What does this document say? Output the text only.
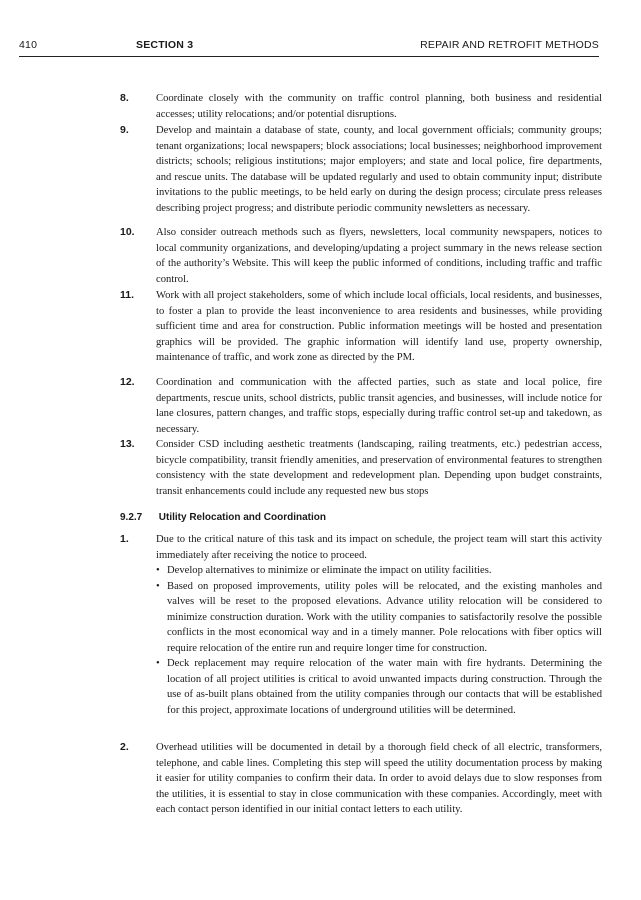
410	SECTION 3	REPAIR AND RETROFIT METHODS
8.	Coordinate closely with the community on traffic control planning, both business and residential accesses; utility relocations; and/or potential disruptions.
9.	Develop and maintain a database of state, county, and local government officials; community groups; tenant organizations; local newspapers; block associations; local businesses; neighborhood improvement districts; schools; religious institutions; major employers; and state and local police, fire departments, and rescue units. The database will be updated regularly and used to obtain community input; distribute invitations to the public meetings, to be held early on during the design process; circulate press releases describing project progress; and distribute periodic community newsletters as necessary.
10. Also consider outreach methods such as flyers, newsletters, local community newspapers, notices to local community organizations, and developing/updating a project summary in the news release section of the authority’s Website. This will keep the public informed of conditions, including traffic and traffic control.
11. Work with all project stakeholders, some of which include local officials, local residents, and businesses, to foster a plan to provide the least inconvenience to area residents and businesses, while providing sufficient time and area for construction. Public information meetings will be hosted and presentation graphics will be provided. The graphic information will identify land use, property ownership, maintenance of traffic, and work zone as directed by the PM.
12. Coordination and communication with the affected parties, such as state and local police, fire departments, rescue units, school districts, public transit agencies, and businesses, will include notice for lane closures, pattern changes, and traffic stops, especially during traffic control set-up and takedown, as necessary.
13. Consider CSD including aesthetic treatments (landscaping, railing treatments, etc.) pedestrian access, bicycle compatibility, transit friendly amenities, and preservation of environmental features to strengthen consistency with the state development and redevelopment plan. Depending upon budget constraints, transit enhancements could include any requested new bus stops
9.2.7 Utility Relocation and Coordination
1.	Due to the critical nature of this task and its impact on schedule, the project team will start this activity immediately after receiving the notice to proceed.
• Develop alternatives to minimize or eliminate the impact on utility facilities.
• Based on proposed improvements, utility poles will be relocated, and the existing manholes and valves will be reset to the proposed elevations. Advance utility relocation will be considered to minimize construction duration. Work with the utility companies to satisfactorily resolve the possible conflicts in the most economical way and in a timely manner. Pole relocations with fiber optics will require relocation of the entire run and require longer time for construction.
• Deck replacement may require relocation of the water main with fire hydrants. Determining the location of all project utilities is critical to avoid unwanted impacts during construction. Through the use of as-built plans obtained from the utility companies through our contacts that will be established for this project, approximate locations of underground utilities will be determined.
2.	Overhead utilities will be documented in detail by a thorough field check of all electric, transformers, telephone, and cable lines. Completing this step will speed the utility documentation process by making it easier for utility companies to confirm their data. In order to avoid delays due to slow responses from the utilities, it is essential to stay in close communication with these companies. Accordingly, meet with each contact person identified in our initial contact letters to each utility.
